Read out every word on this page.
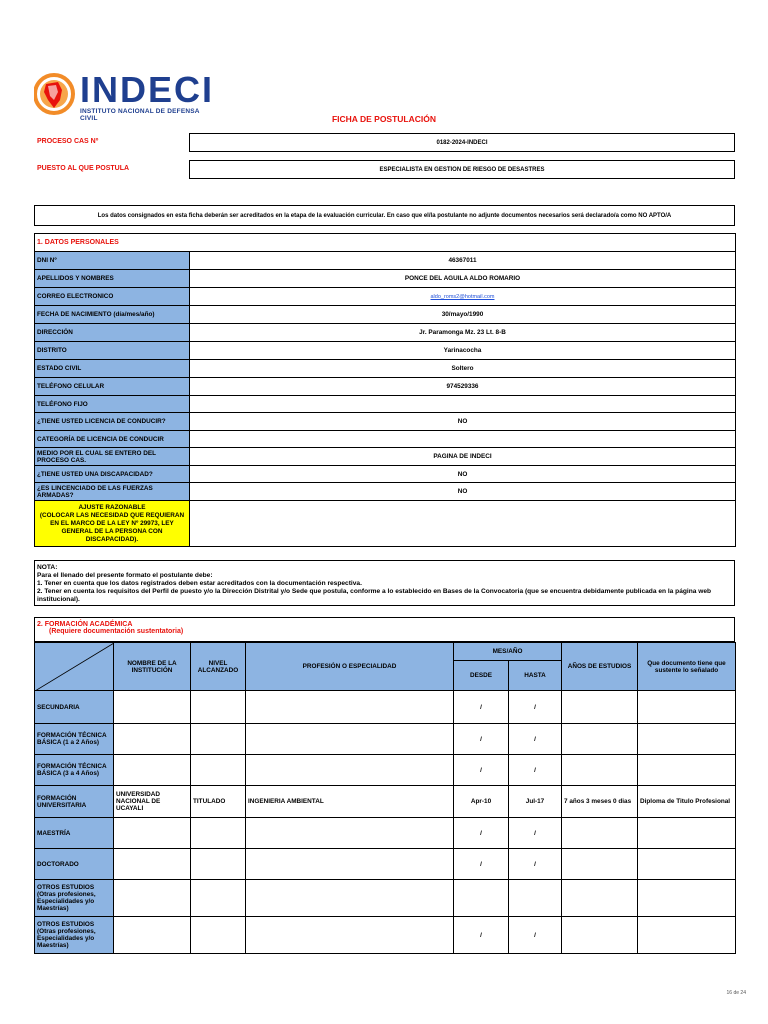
INDECI
INSTITUTO NACIONAL DE DEFENSA CIVIL	FICHA DE POSTULACIÓN
PROCESO CAS Nº	0182-2024-INDECI
PUESTO AL QUE POSTULA	ESPECIALISTA EN GESTION DE RIESGO DE DESASTRES
Los datos consignados en esta ficha deberán ser acreditados en la etapa de la evaluación curricular. En caso que el/la postulante no adjunte documentos necesarios será declarado/a como NO APTO/A
1. DATOS PERSONALES	
DNI Nº	46367011
APELLIDOS Y NOMBRES	PONCE DEL AGUILA ALDO ROMARIO
CORREO ELECTRONICO	aldo_roms2@hotmail.com
FECHA DE NACIMIENTO (día/mes/año)	30/mayo/1990
DIRECCIÓN	Jr. Paramonga Mz. 23 Lt. 8-B
DISTRITO	Yarinacocha
ESTADO CIVIL	Soltero
TELÉFONO CELULAR	974529336
TELÉFONO FIJO	
¿TIENE USTED LICENCIA DE CONDUCIR?	NO
CATEGORÍA DE LICENCIA DE CONDUCIR	
MEDIO POR EL CUAL SE ENTERO DEL PROCESO CAS.	PAGINA DE INDECI
¿TIENE USTED UNA DISCAPACIDAD?	NO
¿ES LINCENCIADO DE LAS FUERZAS ARMADAS?	NO
AJUSTE RAZONABLE
(COLOCAR LAS NECESIDAD QUE REQUIERAN EN EL MARCO DE LA LEY Nº 29973, LEY GENERAL DE LA PERSONA CON DISCAPACIDAD).	
NOTA:
Para el llenado del presente formato el postulante debe:
1. Tener en cuenta que los datos registrados deben estar acreditados con la documentación respectiva.
2. Tener en cuenta los requisitos del Perfil de puesto y/o la Dirección Distrital y/o Sede que postula, conforme a lo establecido en Bases de la Convocatoria (que se encuentra debidamente publicada en la página web institucional).
2. FORMACIÓN ACADÉMICA
(Requiere documentación sustentatoria)
	NOMBRE DE LA INSTITUCIÓN	NIVEL ALCANZADO	PROFESIÓN O ESPECIALIDAD	MES/AÑO		AÑOS DE ESTUDIOS	Que documento tiene que sustente lo señalado
				DESDE	HASTA		
SECUNDARIA				/	/		
FORMACIÓN TÉCNICA BÁSICA (1 a 2 Años)				/	/		
FORMACIÓN TÉCNICA BÁSICA (3 a 4 Años)				/	/		
FORMACIÓN UNIVERSITARIA	UNIVERSIDAD NACIONAL DE UCAYALI	TITULADO	INGENIERIA AMBIENTAL	Apr-10	Jul-17	7 años 3 meses 0 dias	Diploma de Titulo Profesional
MAESTRÍA				/	/		
DOCTORADO				/	/		
OTROS ESTUDIOS (Otras profesiones, Especialidades y/o Maestrías)							
OTROS ESTUDIOS (Otras profesiones, Especialidades y/o Maestrías)				/	/		
16 de 24
